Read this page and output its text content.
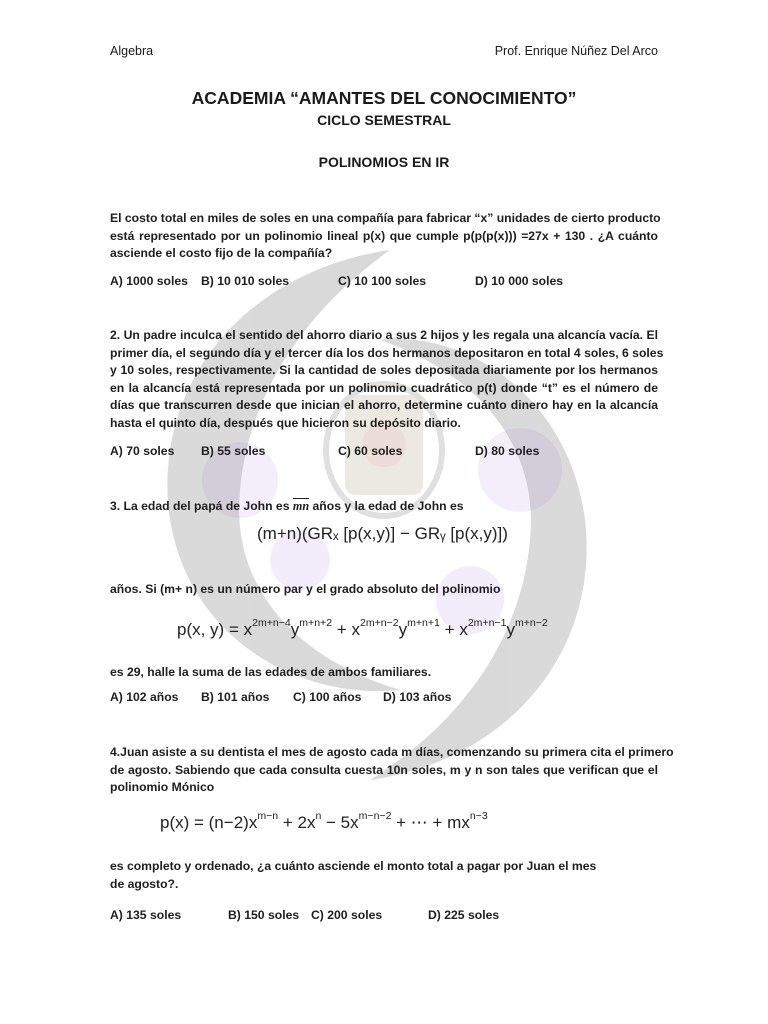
Algebra	Prof. Enrique Núñez Del Arco
ACADEMIA “AMANTES DEL CONOCIMIENTO”
CICLO SEMESTRAL
POLINOMIOS EN IR
El costo total en miles de soles en una compañía para fabricar “x” unidades de cierto producto
está representado por un polinomio lineal p(x) que cumple p(p(p(x))) =27x + 130 . ¿A cuánto
asciende el costo fijo de la compañía?
A) 1000 soles B) 10 010 soles	C) 10 100 soles	D) 10 000 soles
2. Un padre inculca el sentido del ahorro diario a sus 2 hijos y les regala una alcancía vacía. El
primer día, el segundo día y el tercer día los dos hermanos depositaron en total 4 soles, 6 soles
y 10 soles, respectivamente. Si la cantidad de soles depositada diariamente por los hermanos
en la alcancía está representada por un polinomio cuadrático p(t) donde “t” es el número de
días que transcurren desde que inician el ahorro, determine cuánto dinero hay en la alcancía
hasta el quinto día, después que hicieron su depósito diario.
A) 70 soles B) 55 soles	C) 60 soles	D) 80 soles
3. La edad del papá de John es $\overline{mn}$ años y la edad de John es
(m+n)(GRₓ [p(x,y)] − GRᵧ [p(x,y)])
años. Si (m+ n) es un número par y el grado absoluto del polinomio
p(x, $y) = x^{2m+n-4}y^{m+n+2} + x^{2m+n-2}y^{m+n+1} + x^{2m+n-1}y^{m+n-2}$
es 29, halle la suma de las edades de ambos familiares.
A) 102 años B) 101 años C) 100 años D) 103 años
4.Juan asiste a su dentista el mes de agosto cada m días, comenzando su primera cita el primero
de agosto. Sabiendo que cada consulta cuesta 10n soles, m y n son tales que verifican que el
polinomio Mónico
$p(x) = (n-2)x^{m-n} + 2x^n - 5x^{m-n-2}$ + ⋯ + $mx^{n-3}$
es completo y ordenado, ¿a cuánto asciende el monto total a pagar por Juan el mes
de agosto?.
A) 135 soles	B) 150 soles C) 200 soles	D) 225 soles
